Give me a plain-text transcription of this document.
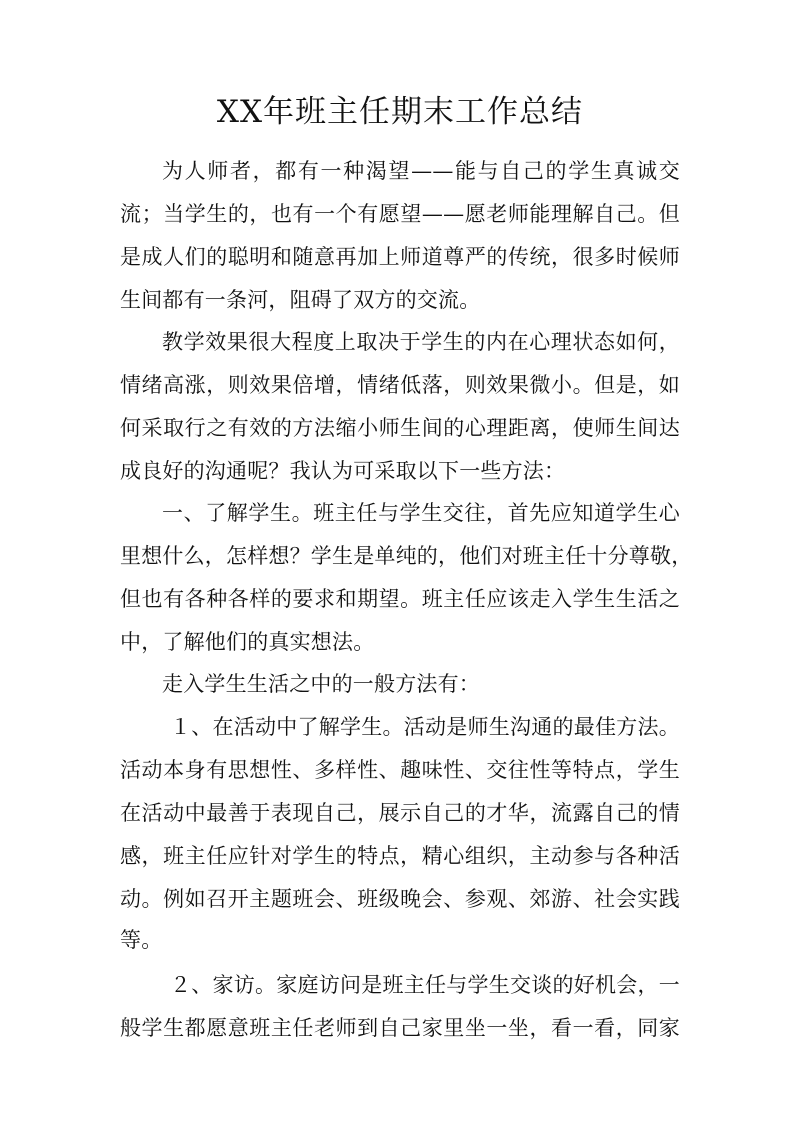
XX年班主任期末工作总结

为人师者，都有一种渴望——能与自己的学生真诚交

流；当学生的，也有一个有愿望——愿老师能理解自己。但

是成人们的聪明和随意再加上师道尊严的传统，很多时候师

生间都有一条河，阻碍了双方的交流。

教学效果很大程度上取决于学生的内在心理状态如何，

情绪高涨，则效果倍增，情绪低落，则效果微小。但是，如

何采取行之有效的方法缩小师生间的心理距离，使师生间达

成良好的沟通呢？我认为可采取以下一些方法：

一、了解学生。班主任与学生交往，首先应知道学生心

里想什么，怎样想？学生是单纯的，他们对班主任十分尊敬，

但也有各种各样的要求和期望。班主任应该走入学生生活之

中，了解他们的真实想法。

走入学生生活之中的一般方法有：

１、在活动中了解学生。活动是师生沟通的最佳方法。

活动本身有思想性、多样性、趣味性、交往性等特点，学生

在活动中最善于表现自己，展示自己的才华，流露自己的情

感，班主任应针对学生的特点，精心组织，主动参与各种活

动。例如召开主题班会、班级晚会、参观、郊游、社会实践

等。

２、家访。家庭访问是班主任与学生交谈的好机会，一

般学生都愿意班主任老师到自己家里坐一坐，看一看，同家
